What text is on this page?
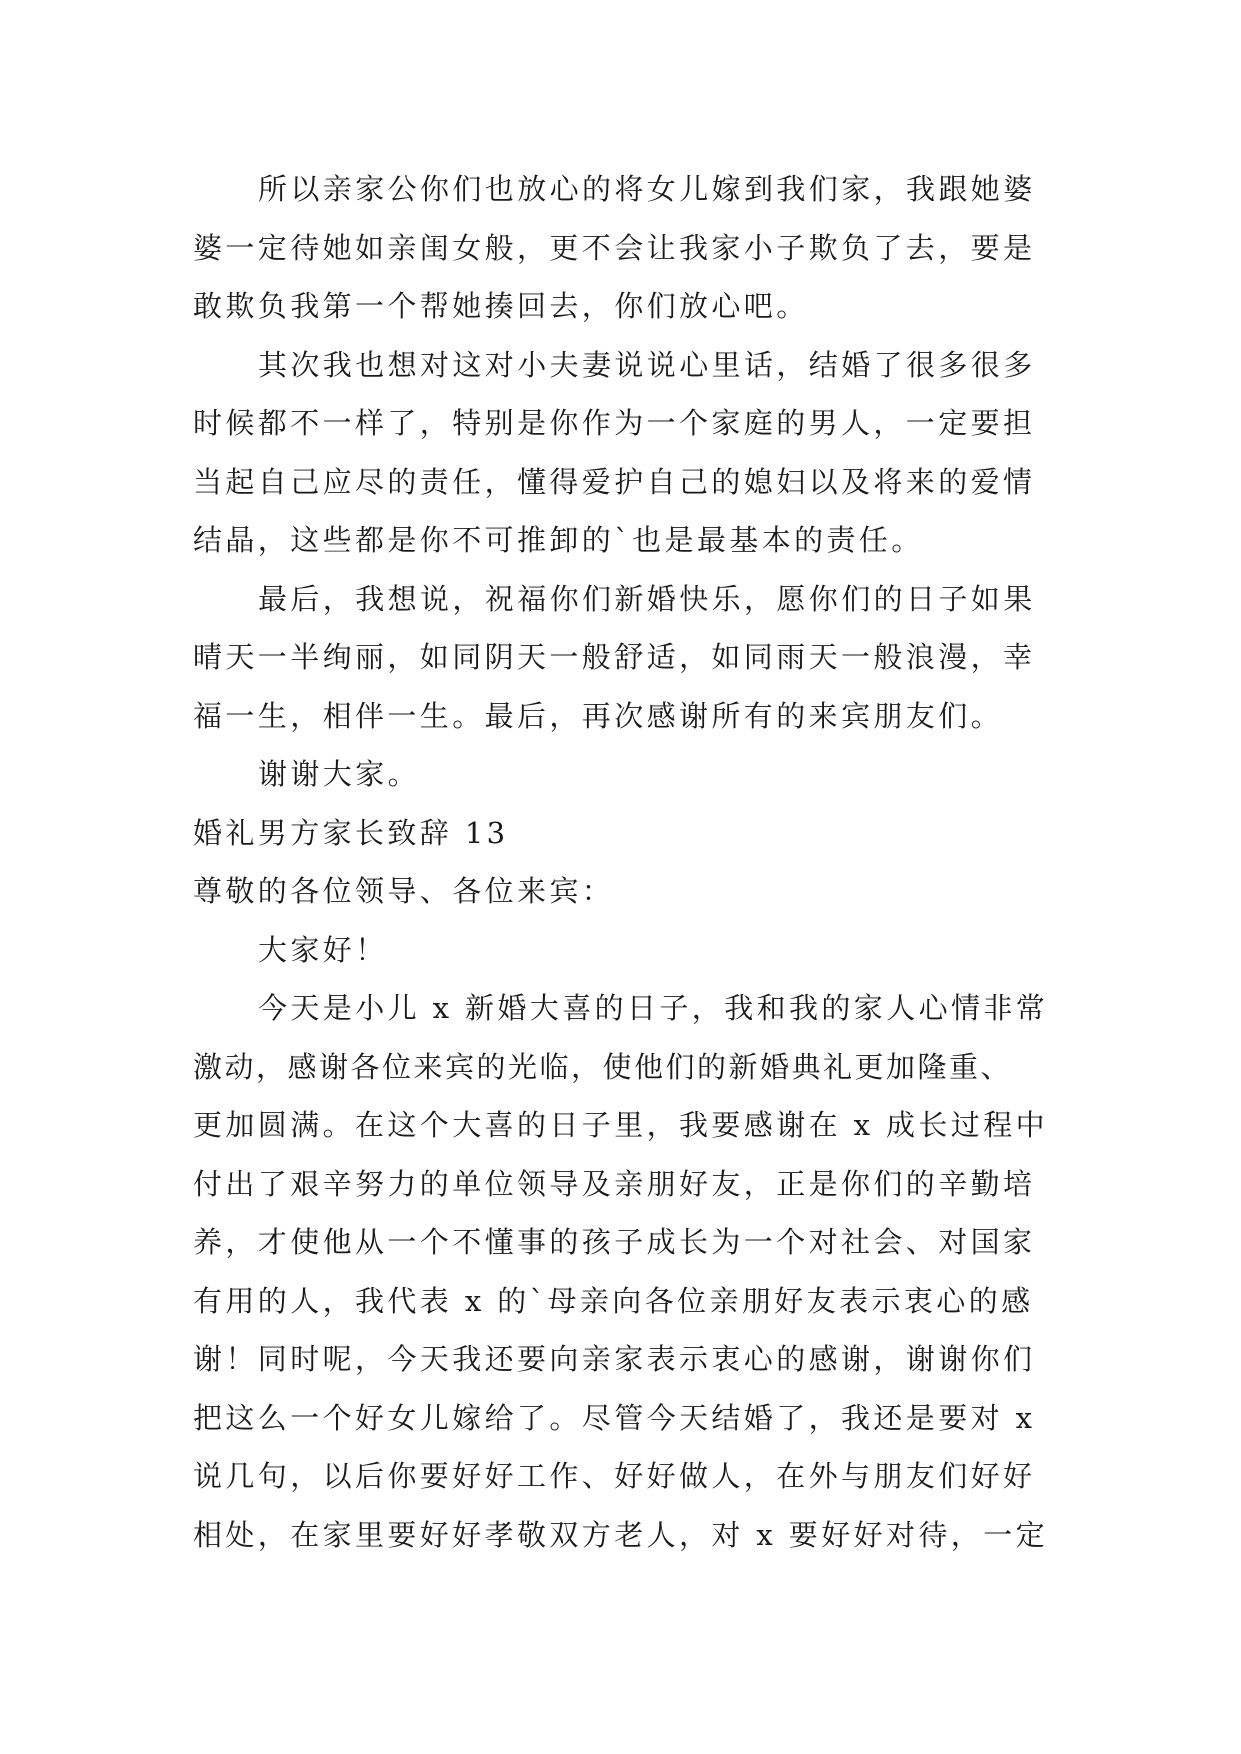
所以亲家公你们也放心的将女儿嫁到我们家，我跟她婆
婆一定待她如亲闺女般，更不会让我家小子欺负了去，要是
敢欺负我第一个帮她揍回去，你们放心吧。
其次我也想对这对小夫妻说说心里话，结婚了很多很多
时候都不一样了，特别是你作为一个家庭的男人，一定要担
当起自己应尽的责任，懂得爱护自己的媳妇以及将来的爱情
结晶，这些都是你不可推卸的`也是最基本的责任。
最后，我想说，祝福你们新婚快乐，愿你们的日子如果
晴天一半绚丽，如同阴天一般舒适，如同雨天一般浪漫，幸
福一生，相伴一生。最后，再次感谢所有的来宾朋友们。
谢谢大家。
婚礼男方家长致辞 13
尊敬的各位领导、各位来宾：
大家好！
今天是小儿 x 新婚大喜的日子，我和我的家人心情非常
激动，感谢各位来宾的光临，使他们的新婚典礼更加隆重、
更加圆满。在这个大喜的日子里，我要感谢在 x 成长过程中
付出了艰辛努力的单位领导及亲朋好友，正是你们的辛勤培
养，才使他从一个不懂事的孩子成长为一个对社会、对国家
有用的人，我代表 x 的`母亲向各位亲朋好友表示衷心的感
谢！同时呢，今天我还要向亲家表示衷心的感谢，谢谢你们
把这么一个好女儿嫁给了。尽管今天结婚了，我还是要对 x
说几句，以后你要好好工作、好好做人，在外与朋友们好好
相处，在家里要好好孝敬双方老人，对 x 要好好对待，一定
